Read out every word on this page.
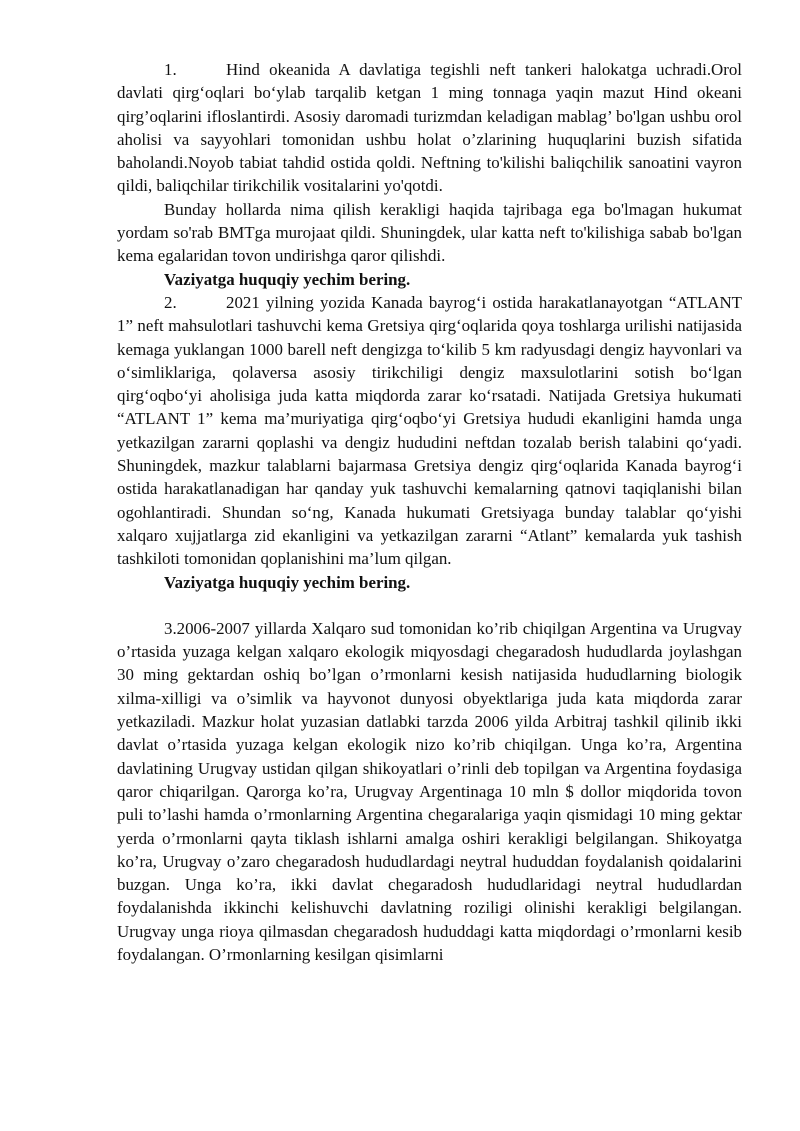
1.	Hind okeanida A davlatiga tegishli neft tankeri halokatga uchradi.Orol davlati qirg‘oqlari bo‘ylab tarqalib ketgan 1 ming tonnaga yaqin mazut Hind okeani qirg’oqlarini ifloslantirdi. Asosiy daromadi turizmdan keladigan mablag’ bo'lgan ushbu orol aholisi va sayyohlari tomonidan ushbu holat o’zlarining huquqlarini buzish sifatida baholandi.Noyob tabiat tahdid ostida qoldi. Neftning to'kilishi baliqchilik sanoatini vayron qildi, baliqchilar tirikchilik vositalarini yo'qotdi.

Bunday hollarda nima qilish kerakligi haqida tajribaga ega bo'lmagan hukumat yordam so'rab BMTga murojaat qildi. Shuningdek, ular katta neft to'kilishiga sabab bo'lgan kema egalaridan tovon undirishga qaror qilishdi.

Vaziyatga huquqiy yechim bering.

2.	2021 yilning yozida Kanada bayrog‘i ostida harakatlanayotgan “ATLANT 1” neft mahsulotlari tashuvchi kema Gretsiya qirg‘oqlarida qoya toshlarga urilishi natijasida kemaga yuklangan 1000 barell neft dengizga to‘kilib 5 km radyusdagi dengiz hayvonlari va o‘simliklariga, qolaversa asosiy tirikchiligi dengiz maxsulotlarini sotish bo‘lgan qirg‘oqbo‘yi aholisiga juda katta miqdorda zarar ko‘rsatadi. Natijada Gretsiya hukumati “ATLANT 1” kema ma’muriyatiga qirg‘oqbo‘yi Gretsiya hududi ekanligini hamda unga yetkazilgan zararni qoplashi va dengiz hududini neftdan tozalab berish talabini qo‘yadi. Shuningdek, mazkur talablarni bajarmasa Gretsiya dengiz qirg‘oqlarida Kanada bayrog‘i ostida harakatlanadigan har qanday yuk tashuvchi kemalarning qatnovi taqiqlanishi bilan ogohlantiradi. Shundan so‘ng, Kanada hukumati Gretsiyaga bunday talablar qo‘yishi xalqaro xujjatlarga zid ekanligini va yetkazilgan zararni “Atlant” kemalarda yuk tashish tashkiloti tomonidan qoplanishini ma’lum qilgan.

Vaziyatga huquqiy yechim bering.

3.2006-2007 yillarda Xalqaro sud tomonidan ko’rib chiqilgan Argentina va Urugvay o’rtasida yuzaga kelgan xalqaro ekologik miqyosdagi chegaradosh hududlarda joylashgan 30 ming gektardan oshiq bo’lgan o’rmonlarni kesish natijasida hududlarning biologik xilma-xilligi va o’simlik va hayvonot dunyosi obyektlariga juda kata miqdorda zarar yetkaziladi. Mazkur holat yuzasian datlabki tarzda 2006 yilda Arbitraj tashkil qilinib ikki davlat o’rtasida yuzaga kelgan ekologik nizo ko’rib chiqilgan. Unga ko’ra, Argentina davlatining Urugvay ustidan qilgan shikoyatlari o’rinli deb topilgan va Argentina foydasiga qaror chiqarilgan. Qarorga ko’ra, Urugvay Argentinaga 10 mln $ dollor miqdorida tovon puli to’lashi hamda o’rmonlarning Argentina chegaralariga yaqin qismidagi 10 ming gektar yerda o’rmonlarni qayta tiklash ishlarni amalga oshiri kerakligi belgilangan. Shikoyatga ko’ra, Urugvay o’zaro chegaradosh hududlardagi neytral hududdan foydalanish qoidalarini buzgan. Unga ko’ra, ikki davlat chegaradosh hududlaridagi neytral hududlardan foydalanishda ikkinchi kelishuvchi davlatning roziligi olinishi kerakligi belgilangan. Urugvay unga rioya qilmasdan chegaradosh hududdagi katta miqdordagi o’rmonlarni kesib foydalangan. O’rmonlarning kesilgan qisimlarni
